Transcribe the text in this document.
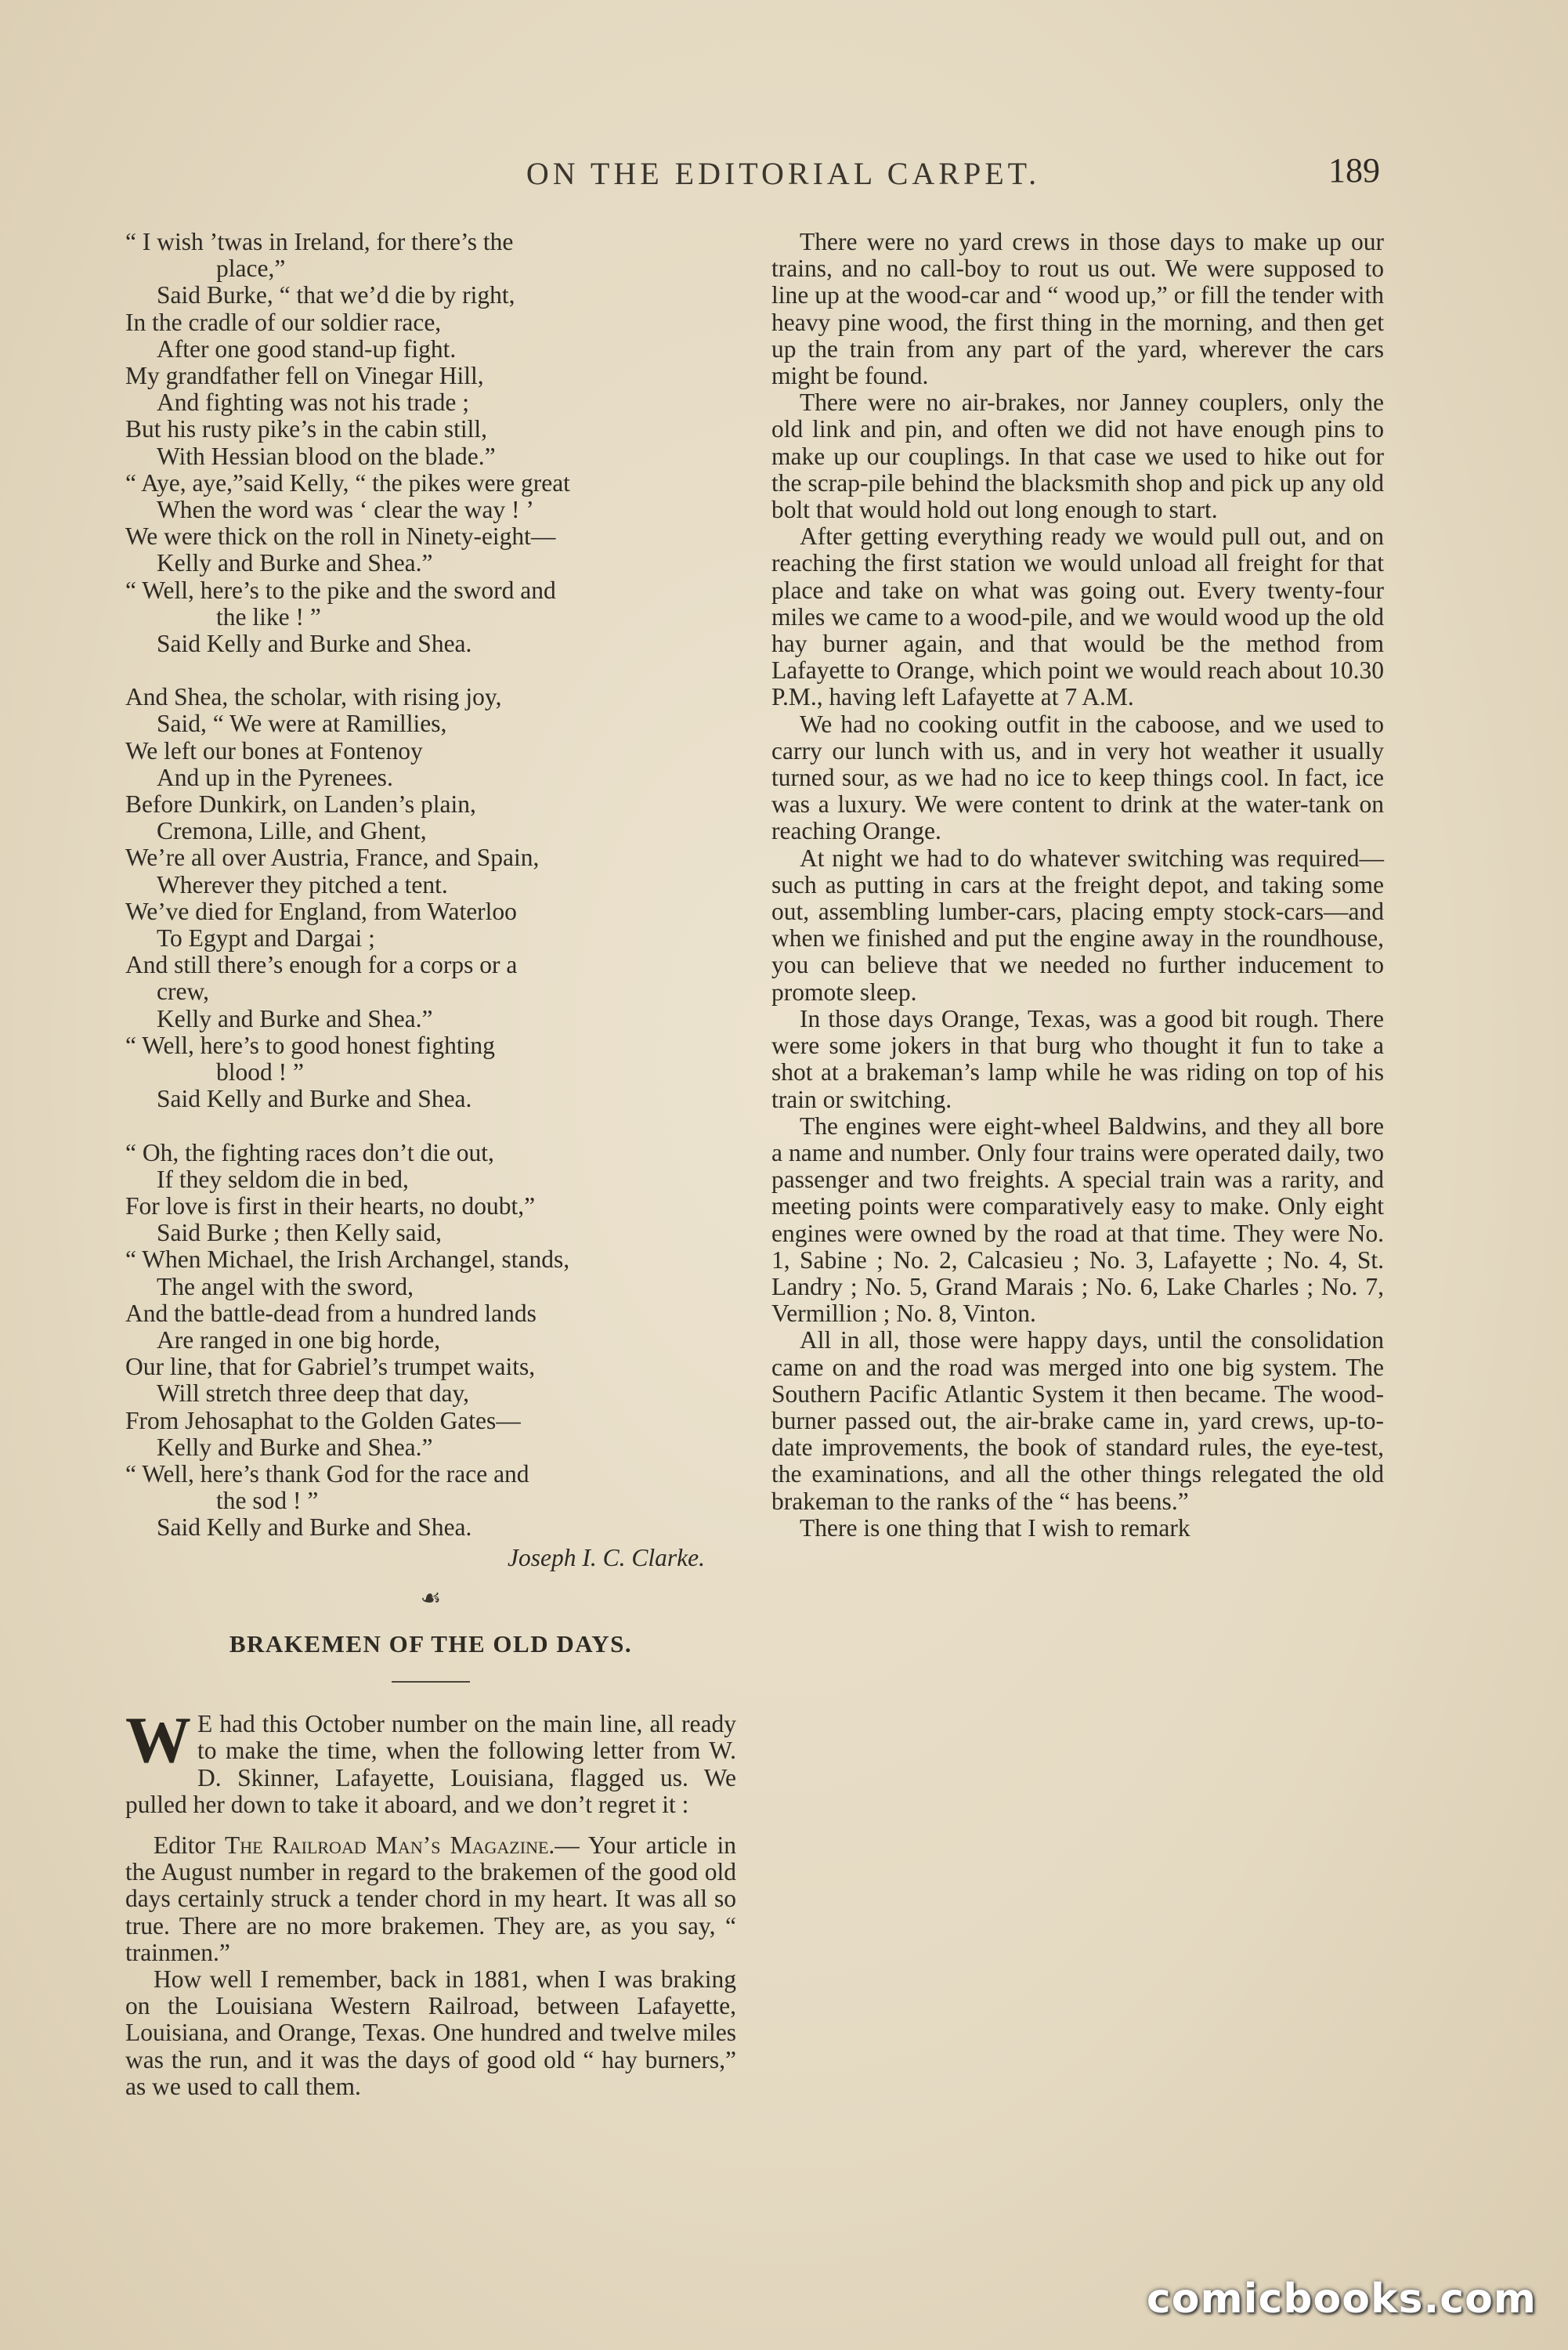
ON THE EDITORIAL CARPET.	189
“ I wish ’twas in Ireland, for there’s the
place,”
Said Burke, “ that we’d die by right,
In the cradle of our soldier race,
After one good stand-up fight.
My grandfather fell on Vinegar Hill,
And fighting was not his trade ;
But his rusty pike’s in the cabin still,
With Hessian blood on the blade.”
“ Aye, aye,”said Kelly, “ the pikes were great
When the word was ‘ clear the way ! ’
We were thick on the roll in Ninety-eight—
Kelly and Burke and Shea.”
“ Well, here’s to the pike and the sword and
the like ! ”
Said Kelly and Burke and Shea.
And Shea, the scholar, with rising joy,
Said, “ We were at Ramillies,
We left our bones at Fontenoy
And up in the Pyrenees.
Before Dunkirk, on Landen’s plain,
Cremona, Lille, and Ghent,
We’re all over Austria, France, and Spain,
Wherever they pitched a tent.
We’ve died for England, from Waterloo
To Egypt and Dargai ;
And still there’s enough for a corps or a
crew,
Kelly and Burke and Shea.”
“ Well, here’s to good honest fighting
blood ! ”
Said Kelly and Burke and Shea.
“ Oh, the fighting races don’t die out,
If they seldom die in bed,
For love is first in their hearts, no doubt,”
Said Burke ; then Kelly said,
“ When Michael, the Irish Archangel, stands,
The angel with the sword,
And the battle-dead from a hundred lands
Are ranged in one big horde,
Our line, that for Gabriel’s trumpet waits,
Will stretch three deep that day,
From Jehosaphat to the Golden Gates—
Kelly and Burke and Shea.”
“ Well, here’s thank God for the race and
the sod ! ”
Said Kelly and Burke and Shea.
Joseph I. C. Clarke.
☙
BRAKEMEN OF THE OLD DAYS.

W E had this October number on the main line, all ready to make the time, when the following letter from W. D. Skinner, Lafayette, Louisiana, flagged us. We pulled her down to take it aboard, and we don’t regret it :

Editor The Railroad Man’s Magazine.— Your article in the August number in regard to the brakemen of the good old days certainly struck a tender chord in my heart. It was all so true. There are no more brakemen. They are, as you say, “ trainmen.”

How well I remember, back in 1881, when I was braking on the Louisiana Western Railroad, between Lafayette, Louisiana, and Orange, Texas. One hundred and twelve miles was the run, and it was the days of good old “ hay burners,” as we used to call them.

There were no yard crews in those days to make up our trains, and no call-boy to rout us out. We were supposed to line up at the wood-car and “ wood up,” or fill the tender with heavy pine wood, the first thing in the morning, and then get up the train from any part of the yard, wherever the cars might be found.

There were no air-brakes, nor Janney couplers, only the old link and pin, and often we did not have enough pins to make up our couplings. In that case we used to hike out for the scrap-pile behind the blacksmith shop and pick up any old bolt that would hold out long enough to start.

After getting everything ready we would pull out, and on reaching the first station we would unload all freight for that place and take on what was going out. Every twenty-four miles we came to a wood-pile, and we would wood up the old hay burner again, and that would be the method from Lafayette to Orange, which point we would reach about 10.30 P.M., having left Lafayette at 7 A.M.

We had no cooking outfit in the caboose, and we used to carry our lunch with us, and in very hot weather it usually turned sour, as we had no ice to keep things cool. In fact, ice was a luxury. We were content to drink at the water-tank on reaching Orange.

At night we had to do whatever switching was required—such as putting in cars at the freight depot, and taking some out, assembling lumber-cars, placing empty stock-cars—and when we finished and put the engine away in the roundhouse, you can believe that we needed no further inducement to promote sleep.

In those days Orange, Texas, was a good bit rough. There were some jokers in that burg who thought it fun to take a shot at a brakeman’s lamp while he was riding on top of his train or switching.

The engines were eight-wheel Baldwins, and they all bore a name and number. Only four trains were operated daily, two passenger and two freights. A special train was a rarity, and meeting points were comparatively easy to make. Only eight engines were owned by the road at that time. They were No. 1, Sabine ; No. 2, Calcasieu ; No. 3, Lafayette ; No. 4, St. Landry ; No. 5, Grand Marais ; No. 6, Lake Charles ; No. 7, Vermillion ; No. 8, Vinton.

All in all, those were happy days, until the consolidation came on and the road was merged into one big system. The Southern Pacific Atlantic System it then became. The wood-burner passed out, the air-brake came in, yard crews, up-to-date improvements, the book of standard rules, the eye-test, the examinations, and all the other things relegated the old brakeman to the ranks of the “ has beens.”

There is one thing that I wish to remark

comicbooks.com
